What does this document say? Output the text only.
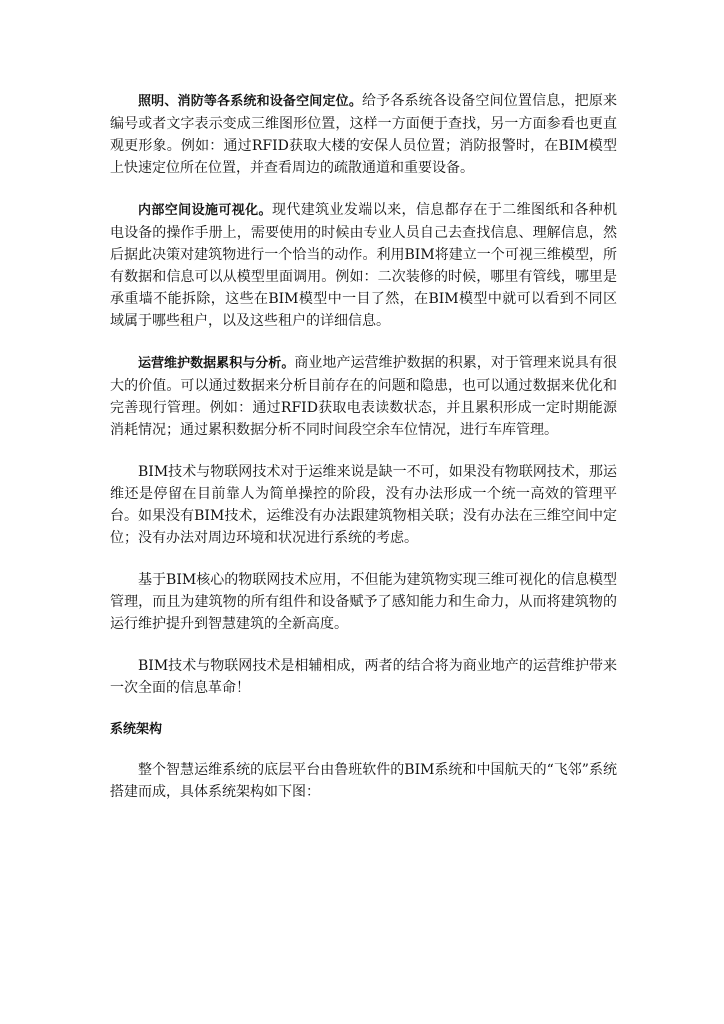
照明、消防等各系统和设备空间定位。给予各系统各设备空间位置信息，把原来编号或者文字表示变成三维图形位置，这样一方面便于查找，另一方面参看也更直观更形象。例如：通过RFID获取大楼的安保人员位置；消防报警时，在BIM模型上快速定位所在位置，并查看周边的疏散通道和重要设备。

内部空间设施可视化。现代建筑业发端以来，信息都存在于二维图纸和各种机电设备的操作手册上，需要使用的时候由专业人员自己去查找信息、理解信息，然后据此决策对建筑物进行一个恰当的动作。利用BIM将建立一个可视三维模型，所有数据和信息可以从模型里面调用。例如：二次装修的时候，哪里有管线，哪里是承重墙不能拆除，这些在BIM模型中一目了然，在BIM模型中就可以看到不同区域属于哪些租户，以及这些租户的详细信息。

运营维护数据累积与分析。商业地产运营维护数据的积累，对于管理来说具有很大的价值。可以通过数据来分析目前存在的问题和隐患，也可以通过数据来优化和完善现行管理。例如：通过RFID获取电表读数状态，并且累积形成一定时期能源消耗情况；通过累积数据分析不同时间段空余车位情况，进行车库管理。

BIM技术与物联网技术对于运维来说是缺一不可，如果没有物联网技术，那运维还是停留在目前靠人为简单操控的阶段，没有办法形成一个统一高效的管理平台。如果没有BIM技术，运维没有办法跟建筑物相关联；没有办法在三维空间中定位；没有办法对周边环境和状况进行系统的考虑。

基于BIM核心的物联网技术应用，不但能为建筑物实现三维可视化的信息模型管理，而且为建筑物的所有组件和设备赋予了感知能力和生命力，从而将建筑物的运行维护提升到智慧建筑的全新高度。

BIM技术与物联网技术是相辅相成，两者的结合将为商业地产的运营维护带来一次全面的信息革命！

系统架构

整个智慧运维系统的底层平台由鲁班软件的BIM系统和中国航天的“飞邻”系统搭建而成，具体系统架构如下图：
